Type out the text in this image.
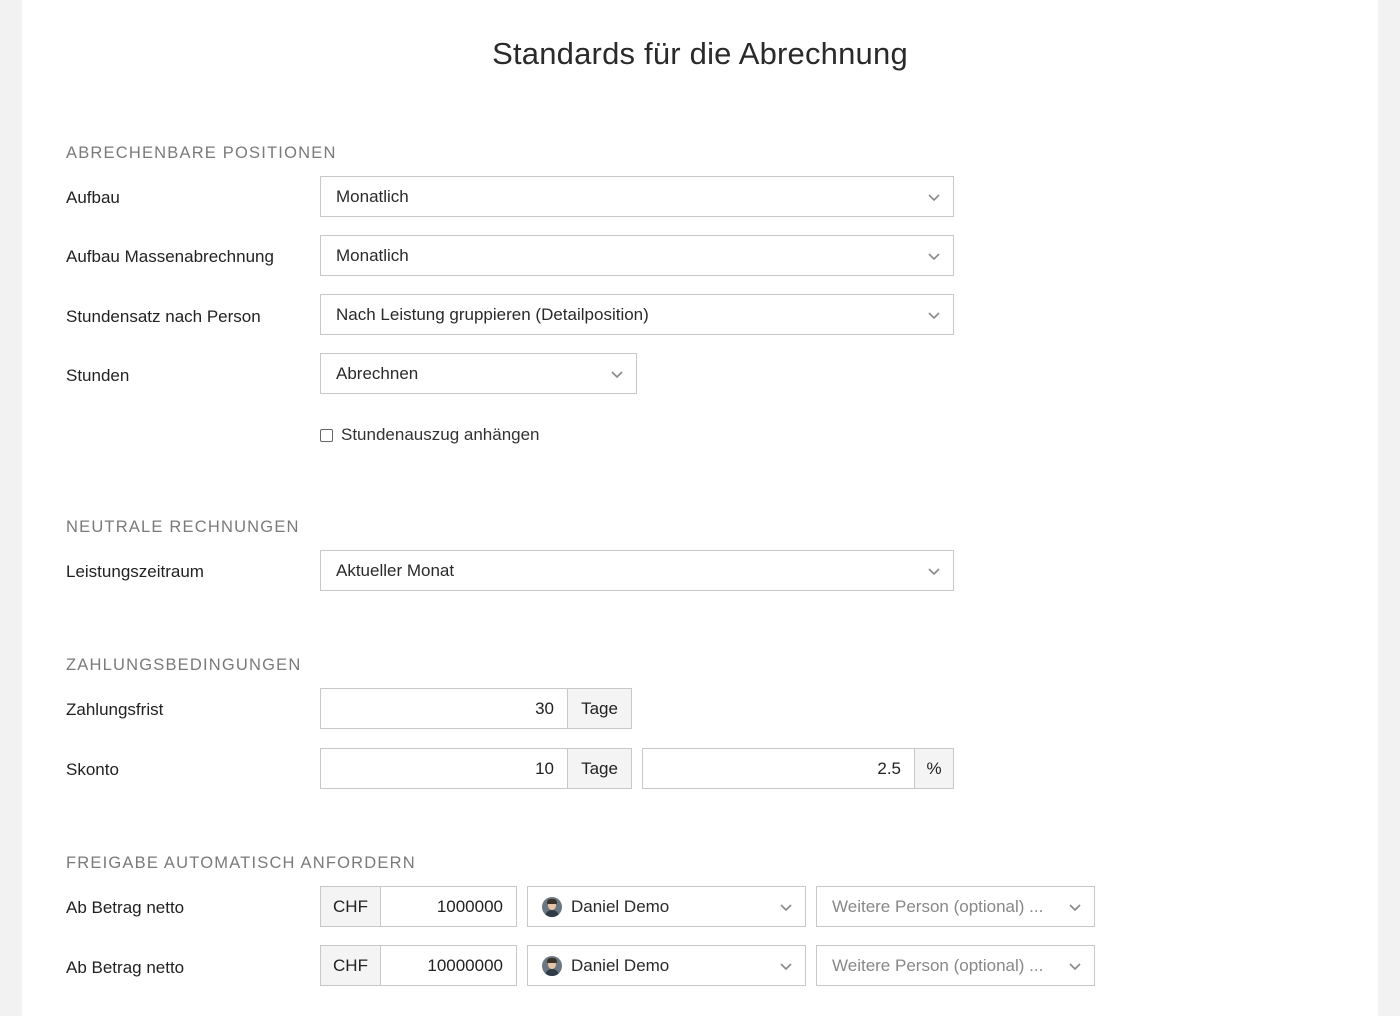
Standards für die Abrechnung
ABRECHENBARE POSITIONEN
Aufbau	Monatlich
Aufbau Massenabrechnung	Monatlich
Stundensatz nach Person	Nach Leistung gruppieren (Detailposition)
Stunden	Abrechnen
Stundenauszug anhängen
NEUTRALE RECHNUNGEN
Leistungszeitraum	Aktueller Monat
ZAHLUNGSBEDINGUNGEN
Zahlungsfrist	30	Tage
Skonto	10	Tage	2.5	%
FREIGABE AUTOMATISCH ANFORDERN
Ab Betrag netto	CHF	1000000	Daniel Demo	Weitere Person (optional) ...
Ab Betrag netto	CHF	10000000	Daniel Demo	Weitere Person (optional) ...
